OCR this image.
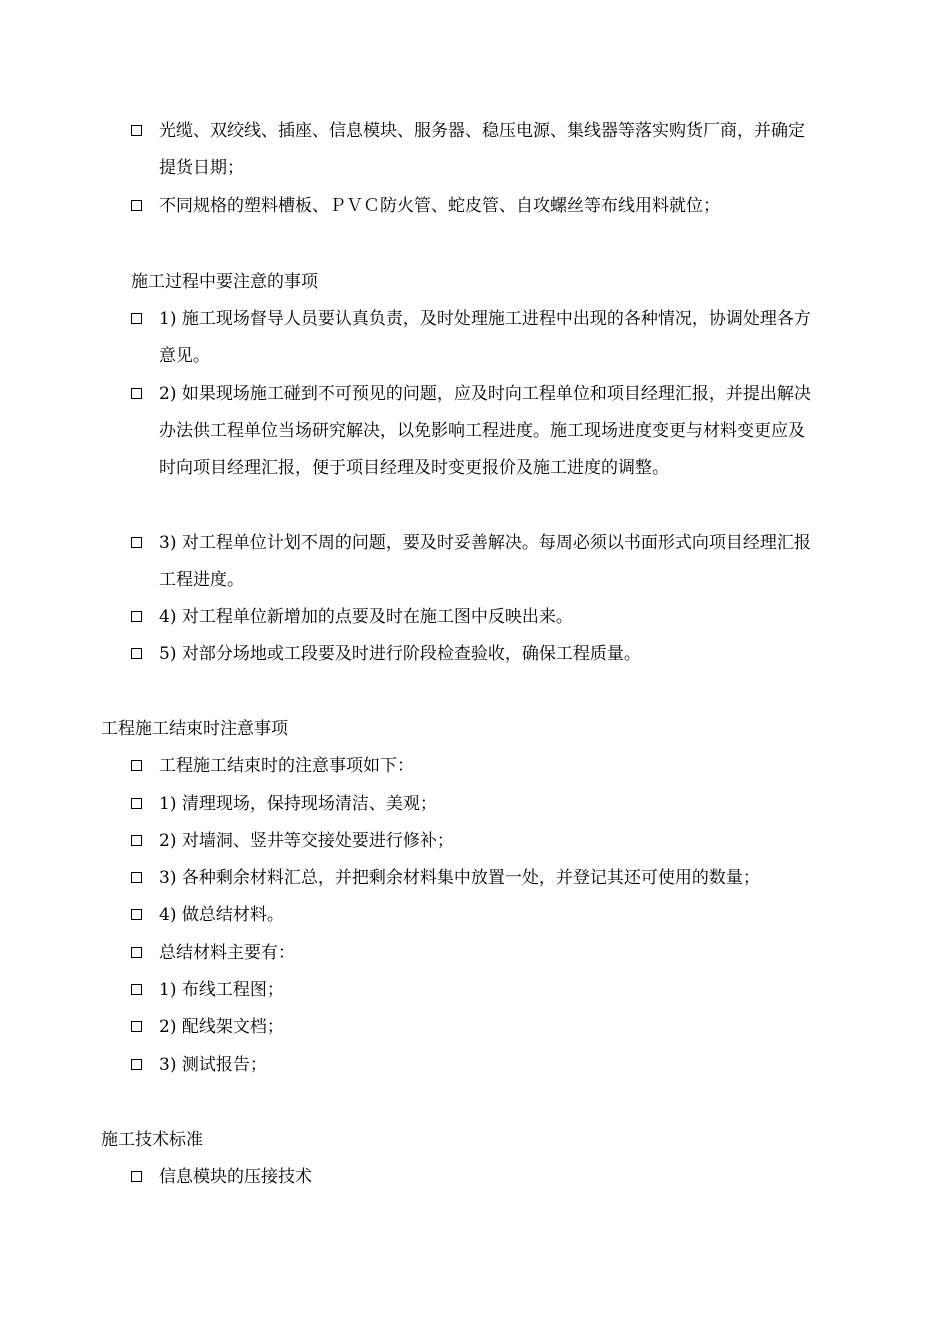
光缆、双绞线、插座、信息模块、服务器、稳压电源、集线器等落实购货厂商，并确定提货日期；
不同规格的塑料槽板、ＰＶＣ防火管、蛇皮管、自攻螺丝等布线用料就位；
施工过程中要注意的事项
1) 施工现场督导人员要认真负责，及时处理施工进程中出现的各种情况，协调处理各方意见。
2) 如果现场施工碰到不可预见的问题，应及时向工程单位和项目经理汇报，并提出解决办法供工程单位当场研究解决，以免影响工程进度。施工现场进度变更与材料变更应及时向项目经理汇报，便于项目经理及时变更报价及施工进度的调整。
3) 对工程单位计划不周的问题，要及时妥善解决。每周必须以书面形式向项目经理汇报工程进度。
4) 对工程单位新增加的点要及时在施工图中反映出来。
5) 对部分场地或工段要及时进行阶段检查验收，确保工程质量。
工程施工结束时注意事项
工程施工结束时的注意事项如下：
1) 清理现场，保持现场清洁、美观；
2) 对墙洞、竖井等交接处要进行修补；
3) 各种剩余材料汇总，并把剩余材料集中放置一处，并登记其还可使用的数量；
4) 做总结材料。
总结材料主要有：
1) 布线工程图；
2) 配线架文档；
3) 测试报告；
施工技术标准
信息模块的压接技术
